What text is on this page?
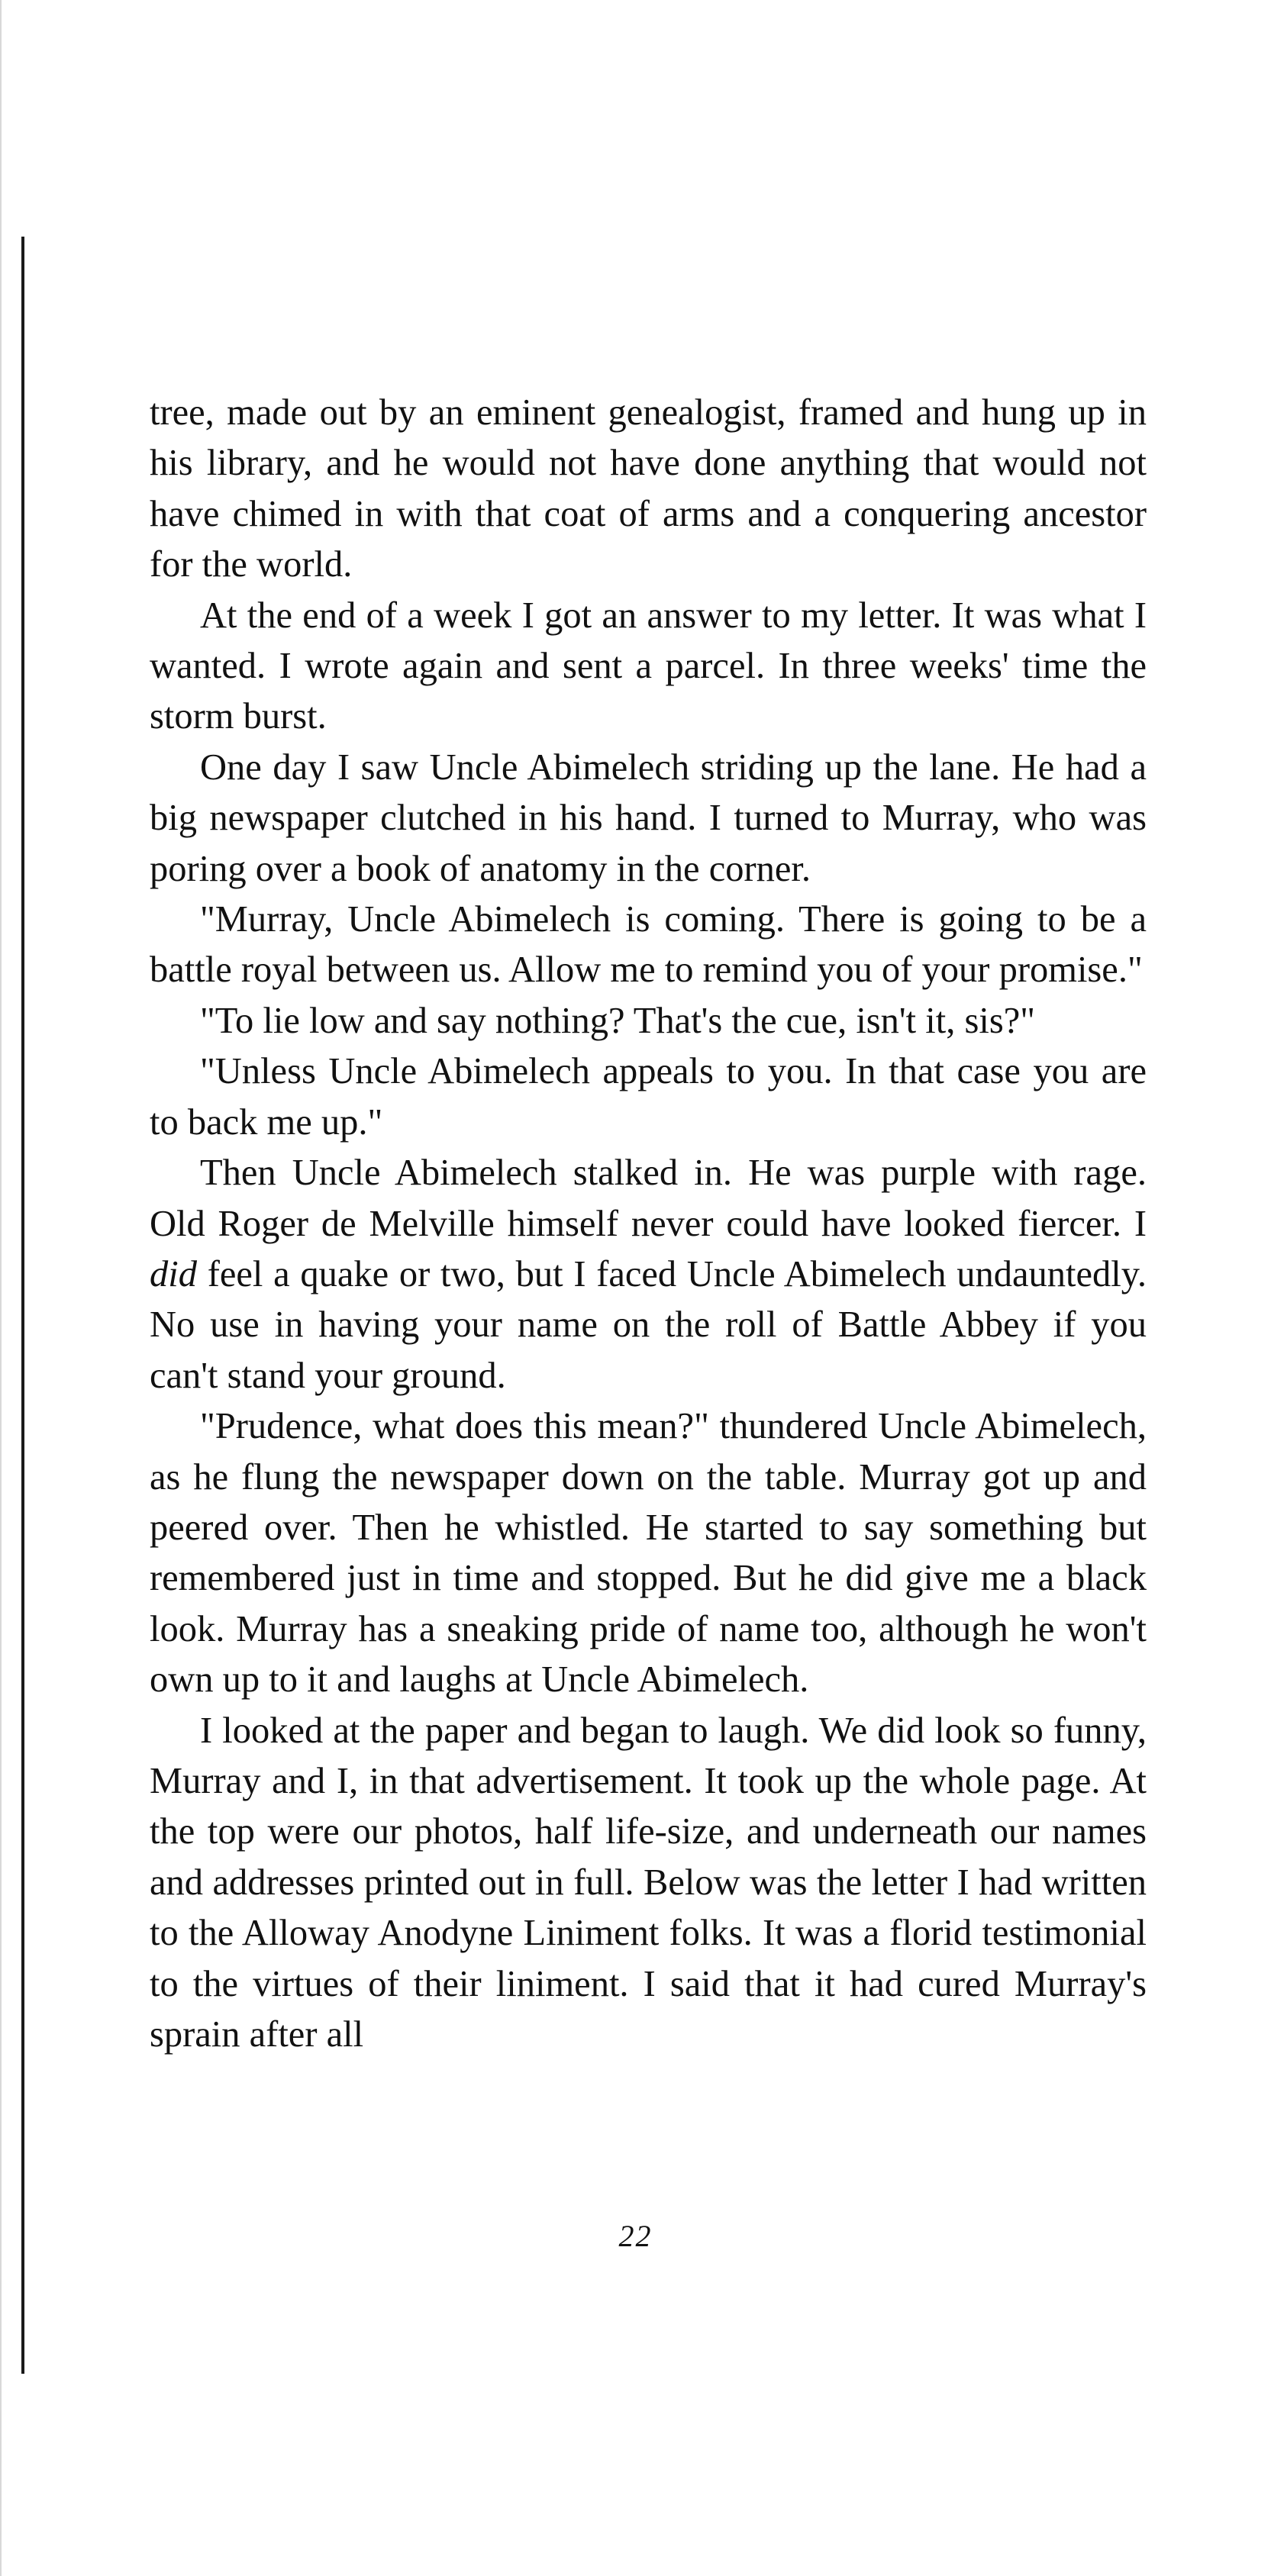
tree, made out by an eminent genealogist, framed and hung up in his library, and he would not have done anything that would not have chimed in with that coat of arms and a conquering ancestor for the world.

At the end of a week I got an answer to my letter. It was what I wanted. I wrote again and sent a parcel. In three weeks' time the storm burst.

One day I saw Uncle Abimelech striding up the lane. He had a big newspaper clutched in his hand. I turned to Murray, who was poring over a book of anatomy in the corner.

"Murray, Uncle Abimelech is coming. There is going to be a battle royal between us. Allow me to remind you of your promise."

"To lie low and say nothing? That's the cue, isn't it, sis?"

"Unless Uncle Abimelech appeals to you. In that case you are to back me up."

Then Uncle Abimelech stalked in. He was purple with rage. Old Roger de Melville himself never could have looked fiercer. I did feel a quake or two, but I faced Uncle Abimelech undauntedly. No use in having your name on the roll of Battle Abbey if you can't stand your ground.

"Prudence, what does this mean?" thundered Uncle Abimelech, as he flung the newspaper down on the table. Murray got up and peered over. Then he whistled. He started to say something but remembered just in time and stopped. But he did give me a black look. Murray has a sneaking pride of name too, although he won't own up to it and laughs at Uncle Abimelech.

I looked at the paper and began to laugh. We did look so funny, Murray and I, in that advertisement. It took up the whole page. At the top were our photos, half life-size, and underneath our names and addresses printed out in full. Below was the letter I had written to the Alloway Anodyne Liniment folks. It was a florid testimonial to the virtues of their liniment. I said that it had cured Murray's sprain after all

22
